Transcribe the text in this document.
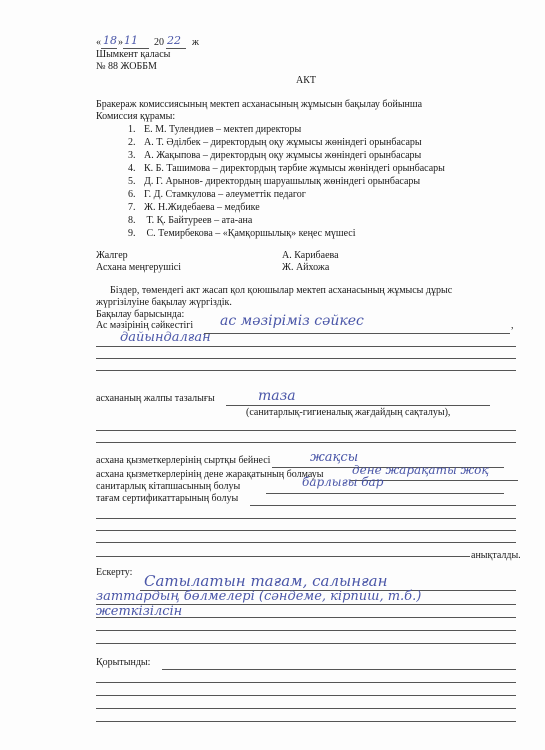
« 18 » 11 20 22 ж
Шымкент қаласы
№ 88 ЖОББМ
АКТ
Бракераж комиссиясының мектеп асханасының жұмысын бақылау бойынша
Комиссия құрамы:
1. Е. М. Тулендиев – мектеп директоры
2. А. Т. Әділбек – директордың оқу жұмысы жөніндегі орынбасары
3. А. Жақыпова – директордың оқу жұмысы жөніндегі орынбасары
4. К. Б. Ташимова – директордың тәрбие жұмысы жөніндегі орынбасары
5. Д. Г. Арынов- директордың шаруашылық жөніндегі орынбасары
6. Г. Д. Стамкулова – әлеуметтік педагог
7. Ж. Н.Жидебаева – медбике
8. Т. Қ. Байтуреев – ата-ана
9. С. Темирбекова – «Қамқоршылық» кеңес мүшесі
Жалгер	А. Карибаева
Асхана меңгерушісі	Ж. Айхожа
Біздер, төмендегі акт жасап қол қоюшылар мектеп асханасының жұмысы дұрыс
жүргізілуіне бақылау жүргіздік.
Бақылау барысында:
Ас мәзірінің сәйкестігі	,
ас мәзіріміз сәйкес
дайындалған
асхананың жалпы тазалығы	таза
(санитарлық-гигиеналық жағдайдың сақталуы),
асхана қызметкерлерінің сыртқы бейнесі	жақсы
асхана қызметкерлерінің дене жарақатының болмауы дене жарақаты жоқ
санитарлық кітапшасының болуы	барлығы бар
тағам сертификаттарының болуы
анықталды.
Ескерту: Сатылатын тағам, салынған
заттардың бөлмелері (сәндеме, кірпиш, т.б.)
жеткізілсін
Қорытынды:
